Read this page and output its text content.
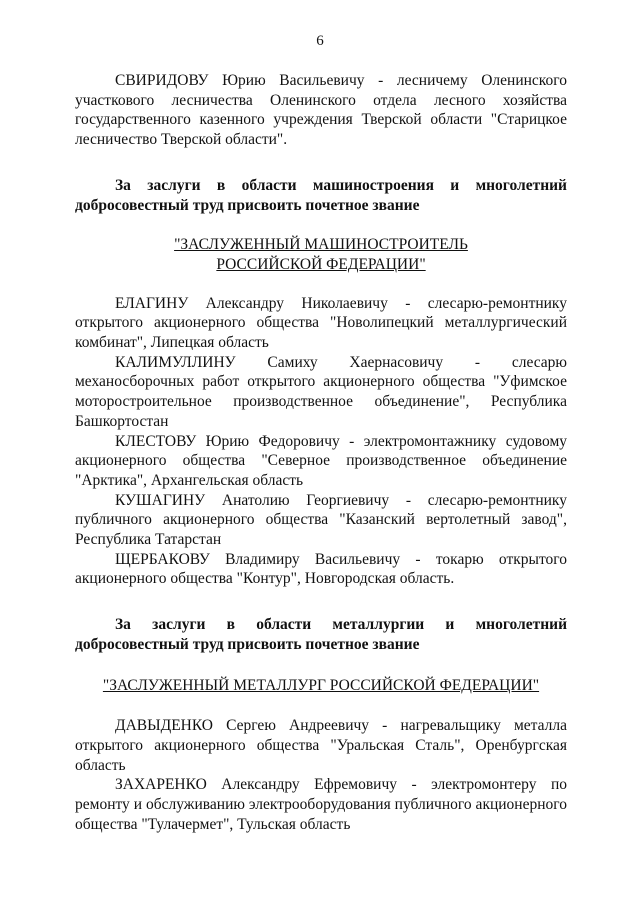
6

СВИРИДОВУ Юрию Васильевичу - лесничему Оленинского участкового лесничества Оленинского отдела лесного хозяйства государственного казенного учреждения Тверской области "Старицкое лесничество Тверской области".

За заслуги в области машиностроения и многолетний добросовестный труд присвоить почетное звание

"ЗАСЛУЖЕННЫЙ МАШИНОСТРОИТЕЛЬ
РОССИЙСКОЙ ФЕДЕРАЦИИ"

ЕЛАГИНУ Александру Николаевичу - слесарю-ремонтнику открытого акционерного общества "Новолипецкий металлургический комбинат", Липецкая область

КАЛИМУЛЛИНУ Самиху Хаернасовичу - слесарю механосборочных работ открытого акционерного общества "Уфимское моторостроительное производственное объединение", Республика Башкортостан

КЛЕСТОВУ Юрию Федоровичу - электромонтажнику судовому акционерного общества "Северное производственное объединение "Арктика", Архангельская область

КУШАГИНУ Анатолию Георгиевичу - слесарю-ремонтнику публичного акционерного общества "Казанский вертолетный завод", Республика Татарстан

ЩЕРБАКОВУ Владимиру Васильевичу - токарю открытого акционерного общества "Контур", Новгородская область.

За заслуги в области металлургии и многолетний добросовестный труд присвоить почетное звание

"ЗАСЛУЖЕННЫЙ МЕТАЛЛУРГ РОССИЙСКОЙ ФЕДЕРАЦИИ"

ДАВЫДЕНКО Сергею Андреевичу - нагревальщику металла открытого акционерного общества "Уральская Сталь", Оренбургская область

ЗАХАРЕНКО Александру Ефремовичу - электромонтеру по ремонту и обслуживанию электрооборудования публичного акционерного общества "Тулачермет", Тульская область
